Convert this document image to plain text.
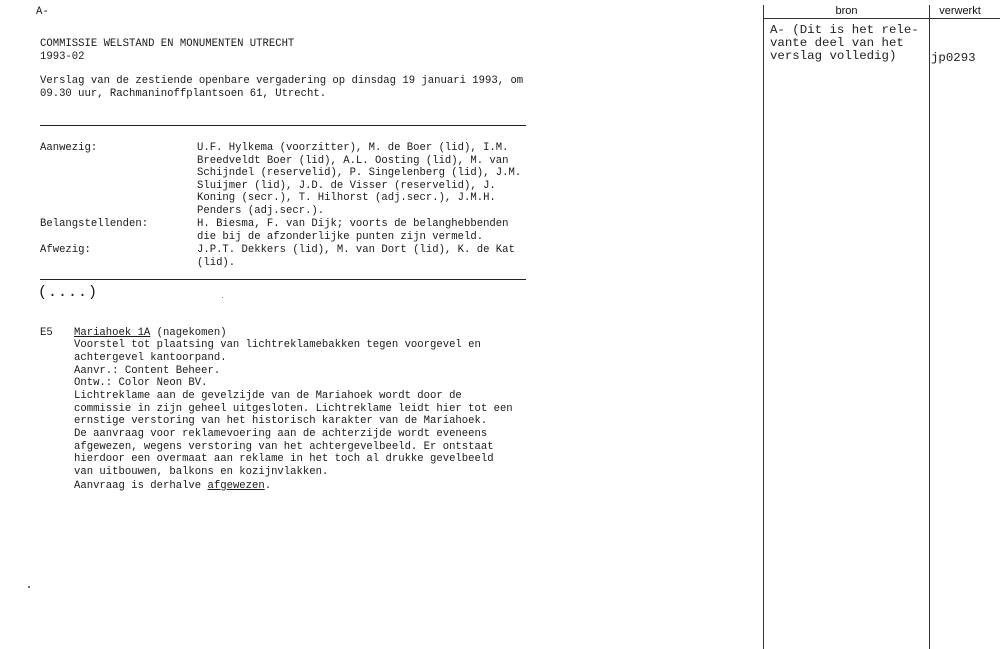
A-
COMMISSIE WELSTAND EN MONUMENTEN UTRECHT
1993-02
Verslag van de zestiende openbare vergadering op dinsdag 19 januari 1993, om
09.30 uur, Rachmaninoffplantsoen 61, Utrecht.
Aanwezig:	U.F. Hylkema (voorzitter), M. de Boer (lid), I.M.
Breedveldt Boer (lid), A.L. Oosting (lid), M. van
Schijndel (reservelid), P. Singelenberg (lid), J.M.
Sluijmer (lid), J.D. de Visser (reservelid), J.
Koning (secr.), T. Hilhorst (adj.secr.), J.M.H.
Penders (adj.secr.).
Belangstellenden:	H. Biesma, F. van Dijk; voorts de belanghebbenden
die bij de afzonderlijke punten zijn vermeld.
Afwezig:	J.P.T. Dekkers (lid), M. van Dort (lid), K. de Kat
(lid).
(....)
E5 Mariahoek 1A (nagekomen)
Voorstel tot plaatsing van lichtreklamebakken tegen voorgevel en
achtergevel kantoorpand.
Aanvr.: Content Beheer.
Ontw.: Color Neon BV.
Lichtreklame aan de gevelzijde van de Mariahoek wordt door de
commissie in zijn geheel uitgesloten. Lichtreklame leidt hier tot een
ernstige verstoring van het historisch karakter van de Mariahoek.
De aanvraag voor reklamevoering aan de achterzijde wordt eveneens
afgewezen, wegens verstoring van het achtergevelbeeld. Er ontstaat
hierdoor een overmaat aan reklame in het toch al drukke gevelbeeld
van uitbouwen, balkons en kozijnvlakken.
Aanvraag is derhalve afgewezen.
bron	verwerkt
A- (Dit is het rele-
vante deel van het
verslag volledig)	jp0293
